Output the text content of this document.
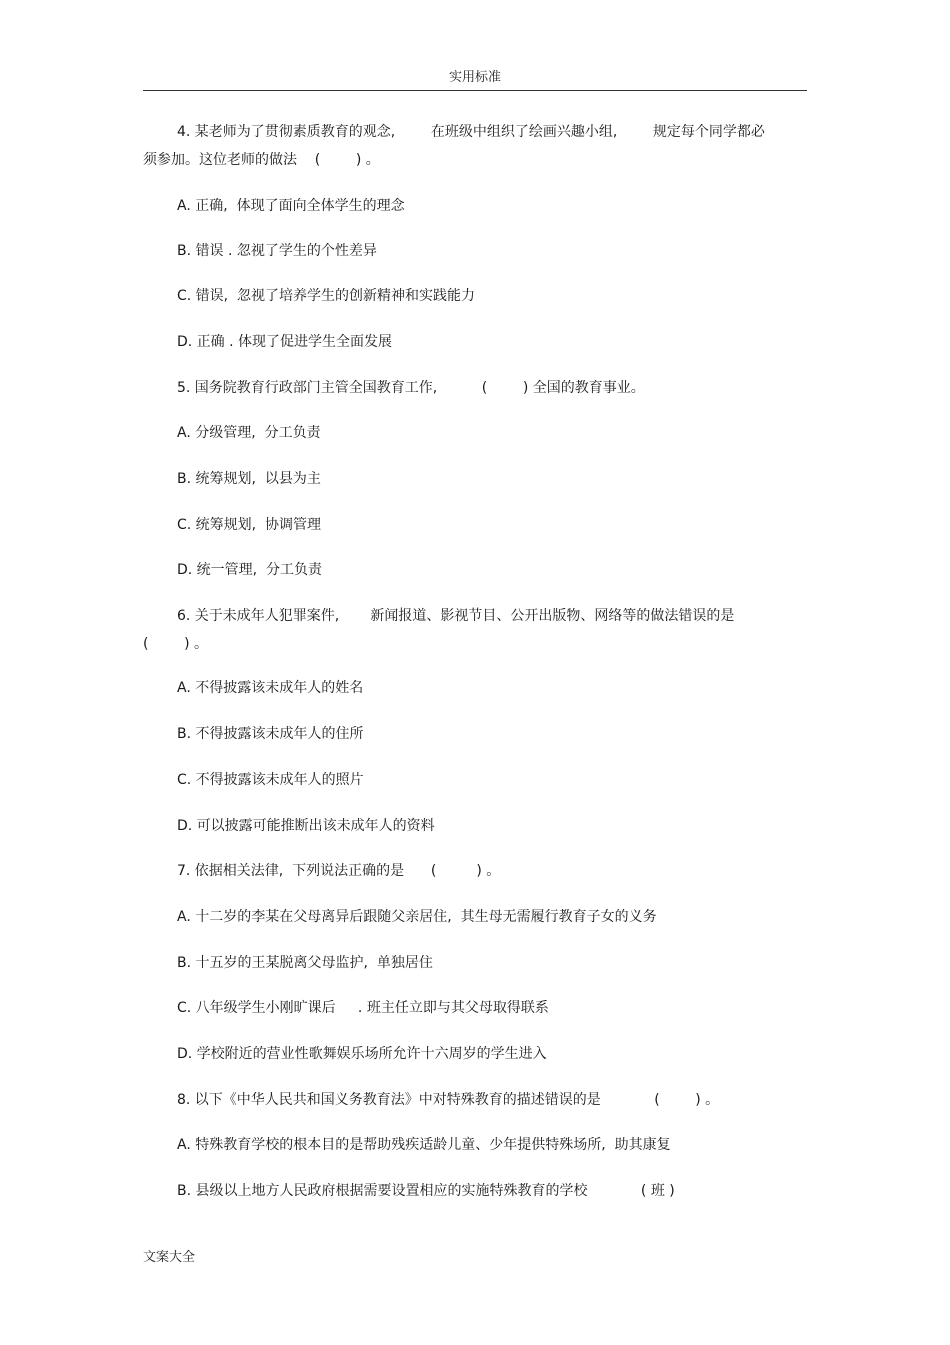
实用标准
4. 某老师为了贯彻素质教育的观念,        在班级中组织了绘画兴趣小组,        规定每个同学都必
须参加。这位老师的做法    (        ) 。
A. 正确,  体现了面向全体学生的理念
B. 错误 . 忽视了学生的个性差异
C. 错误,  忽视了培养学生的创新精神和实践能力
D. 正确 . 体现了促进学生全面发展
5. 国务院教育行政部门主管全国教育工作,          (        ) 全国的教育事业。
A. 分级管理,  分工负责
B. 统筹规划,  以县为主
C. 统筹规划,  协调管理
D. 统一管理,  分工负责
6. 关于未成年人犯罪案件,       新闻报道、影视节目、公开出版物、网络等的做法错误的是
(        ) 。
A. 不得披露该未成年人的姓名
B. 不得披露该未成年人的住所
C. 不得披露该未成年人的照片
D. 可以披露可能推断出该未成年人的资料
7. 依据相关法律,  下列说法正确的是      (         ) 。
A. 十二岁的李某在父母离异后跟随父亲居住,  其生母无需履行教育子女的义务
B. 十五岁的王某脱离父母监护,  单独居住
C. 八年级学生小刚旷课后     . 班主任立即与其父母取得联系
D. 学校附近的营业性歌舞娱乐场所允许十六周岁的学生进入
8. 以下《中华人民共和国义务教育法》中对特殊教育的描述错误的是            (        ) 。
A. 特殊教育学校的根本目的是帮助残疾适龄儿童、少年提供特殊场所,  助其康复
B. 县级以上地方人民政府根据需要设置相应的实施特殊教育的学校            ( 班 )
文案大全
